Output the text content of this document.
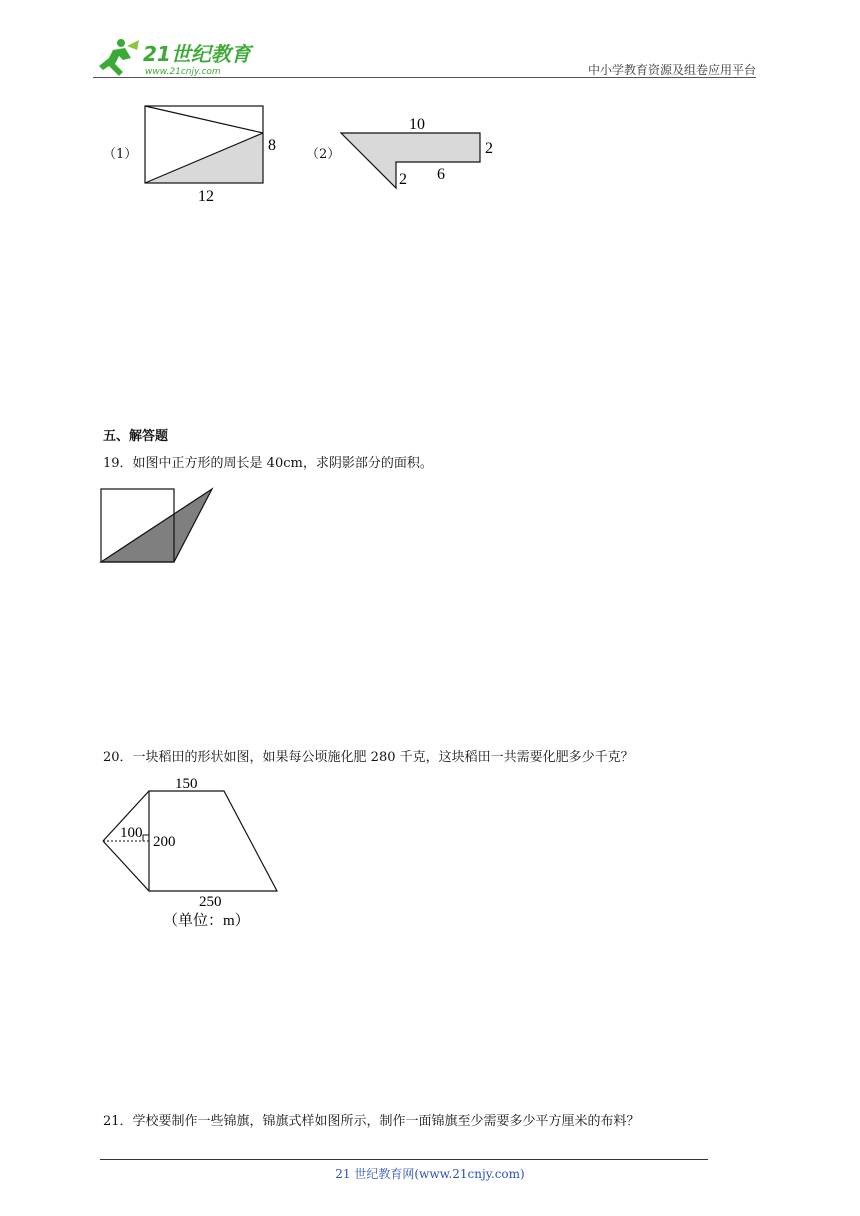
21世纪教育
www.21cnjy.com	中小学教育资源及组卷应用平台
（1）
8
12
（2）
10
2
6
2
五、解答题
19．如图中正方形的周长是 40cm，求阴影部分的面积。
20．一块稻田的形状如图，如果每公顷施化肥 280 千克，这块稻田一共需要化肥多少千克？
150
100
200
250
（单位：m）
21．学校要制作一些锦旗，锦旗式样如图所示，制作一面锦旗至少需要多少平方厘米的布料？
21 世纪教育网(www.21cnjy.com)
